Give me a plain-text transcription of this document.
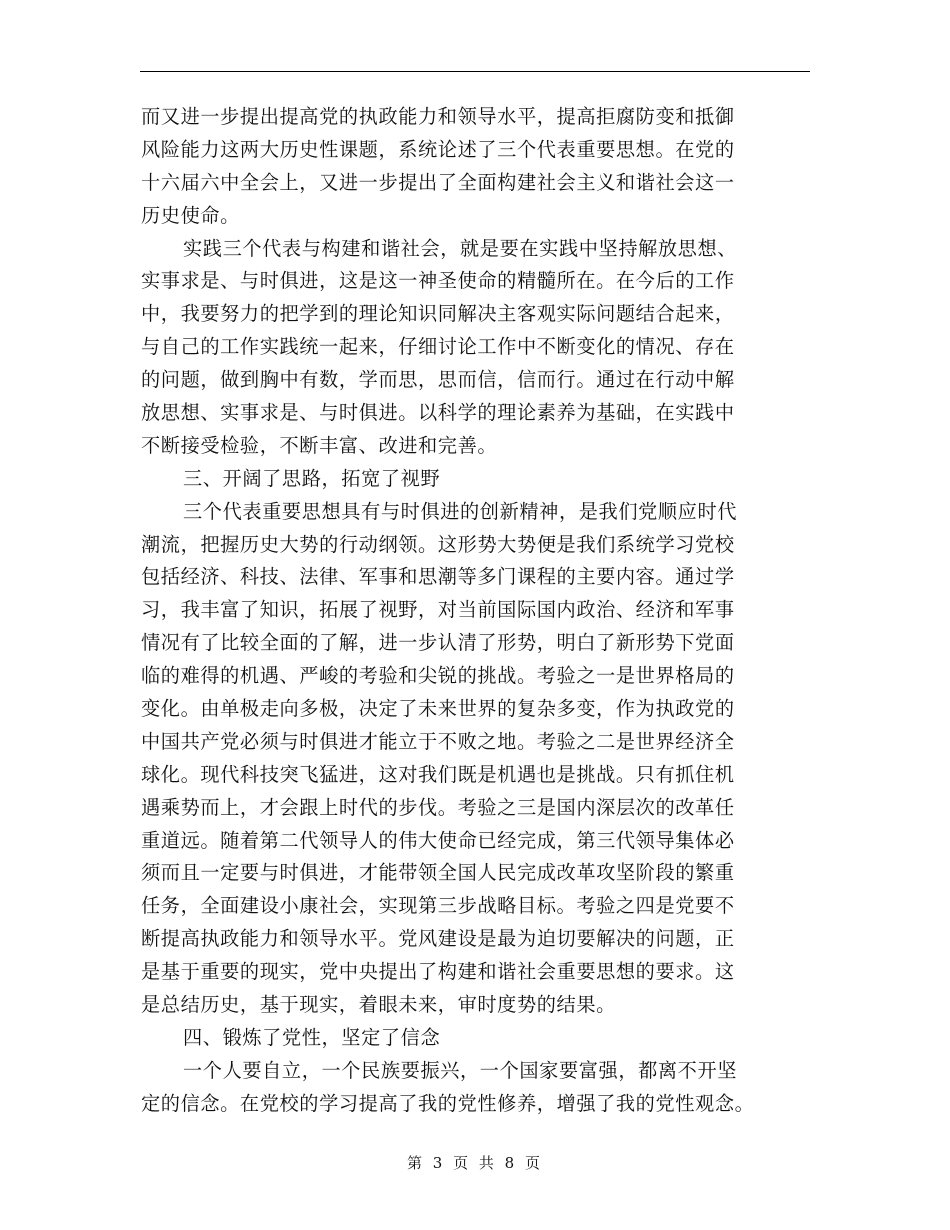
而又进一步提出提高党的执政能力和领导水平，提高拒腐防变和抵御
风险能力这两大历史性课题，系统论述了三个代表重要思想。在党的
十六届六中全会上，又进一步提出了全面构建社会主义和谐社会这一
历史使命。
实践三个代表与构建和谐社会，就是要在实践中坚持解放思想、
实事求是、与时俱进，这是这一神圣使命的精髓所在。在今后的工作
中，我要努力的把学到的理论知识同解决主客观实际问题结合起来，
与自己的工作实践统一起来，仔细讨论工作中不断变化的情况、存在
的问题，做到胸中有数，学而思，思而信，信而行。通过在行动中解
放思想、实事求是、与时俱进。以科学的理论素养为基础，在实践中
不断接受检验，不断丰富、改进和完善。
三、开阔了思路，拓宽了视野
三个代表重要思想具有与时俱进的创新精神，是我们党顺应时代
潮流，把握历史大势的行动纲领。这形势大势便是我们系统学习党校
包括经济、科技、法律、军事和思潮等多门课程的主要内容。通过学
习，我丰富了知识，拓展了视野，对当前国际国内政治、经济和军事
情况有了比较全面的了解，进一步认清了形势，明白了新形势下党面
临的难得的机遇、严峻的考验和尖锐的挑战。考验之一是世界格局的
变化。由单极走向多极，决定了未来世界的复杂多变，作为执政党的
中国共产党必须与时俱进才能立于不败之地。考验之二是世界经济全
球化。现代科技突飞猛进，这对我们既是机遇也是挑战。只有抓住机
遇乘势而上，才会跟上时代的步伐。考验之三是国内深层次的改革任
重道远。随着第二代领导人的伟大使命已经完成，第三代领导集体必
须而且一定要与时俱进，才能带领全国人民完成改革攻坚阶段的繁重
任务，全面建设小康社会，实现第三步战略目标。考验之四是党要不
断提高执政能力和领导水平。党风建设是最为迫切要解决的问题，正
是基于重要的现实，党中央提出了构建和谐社会重要思想的要求。这
是总结历史，基于现实，着眼未来，审时度势的结果。
四、锻炼了党性，坚定了信念
一个人要自立，一个民族要振兴，一个国家要富强，都离不开坚
定的信念。在党校的学习提高了我的党性修养，增强了我的党性观念。
第 3 页 共 8 页
